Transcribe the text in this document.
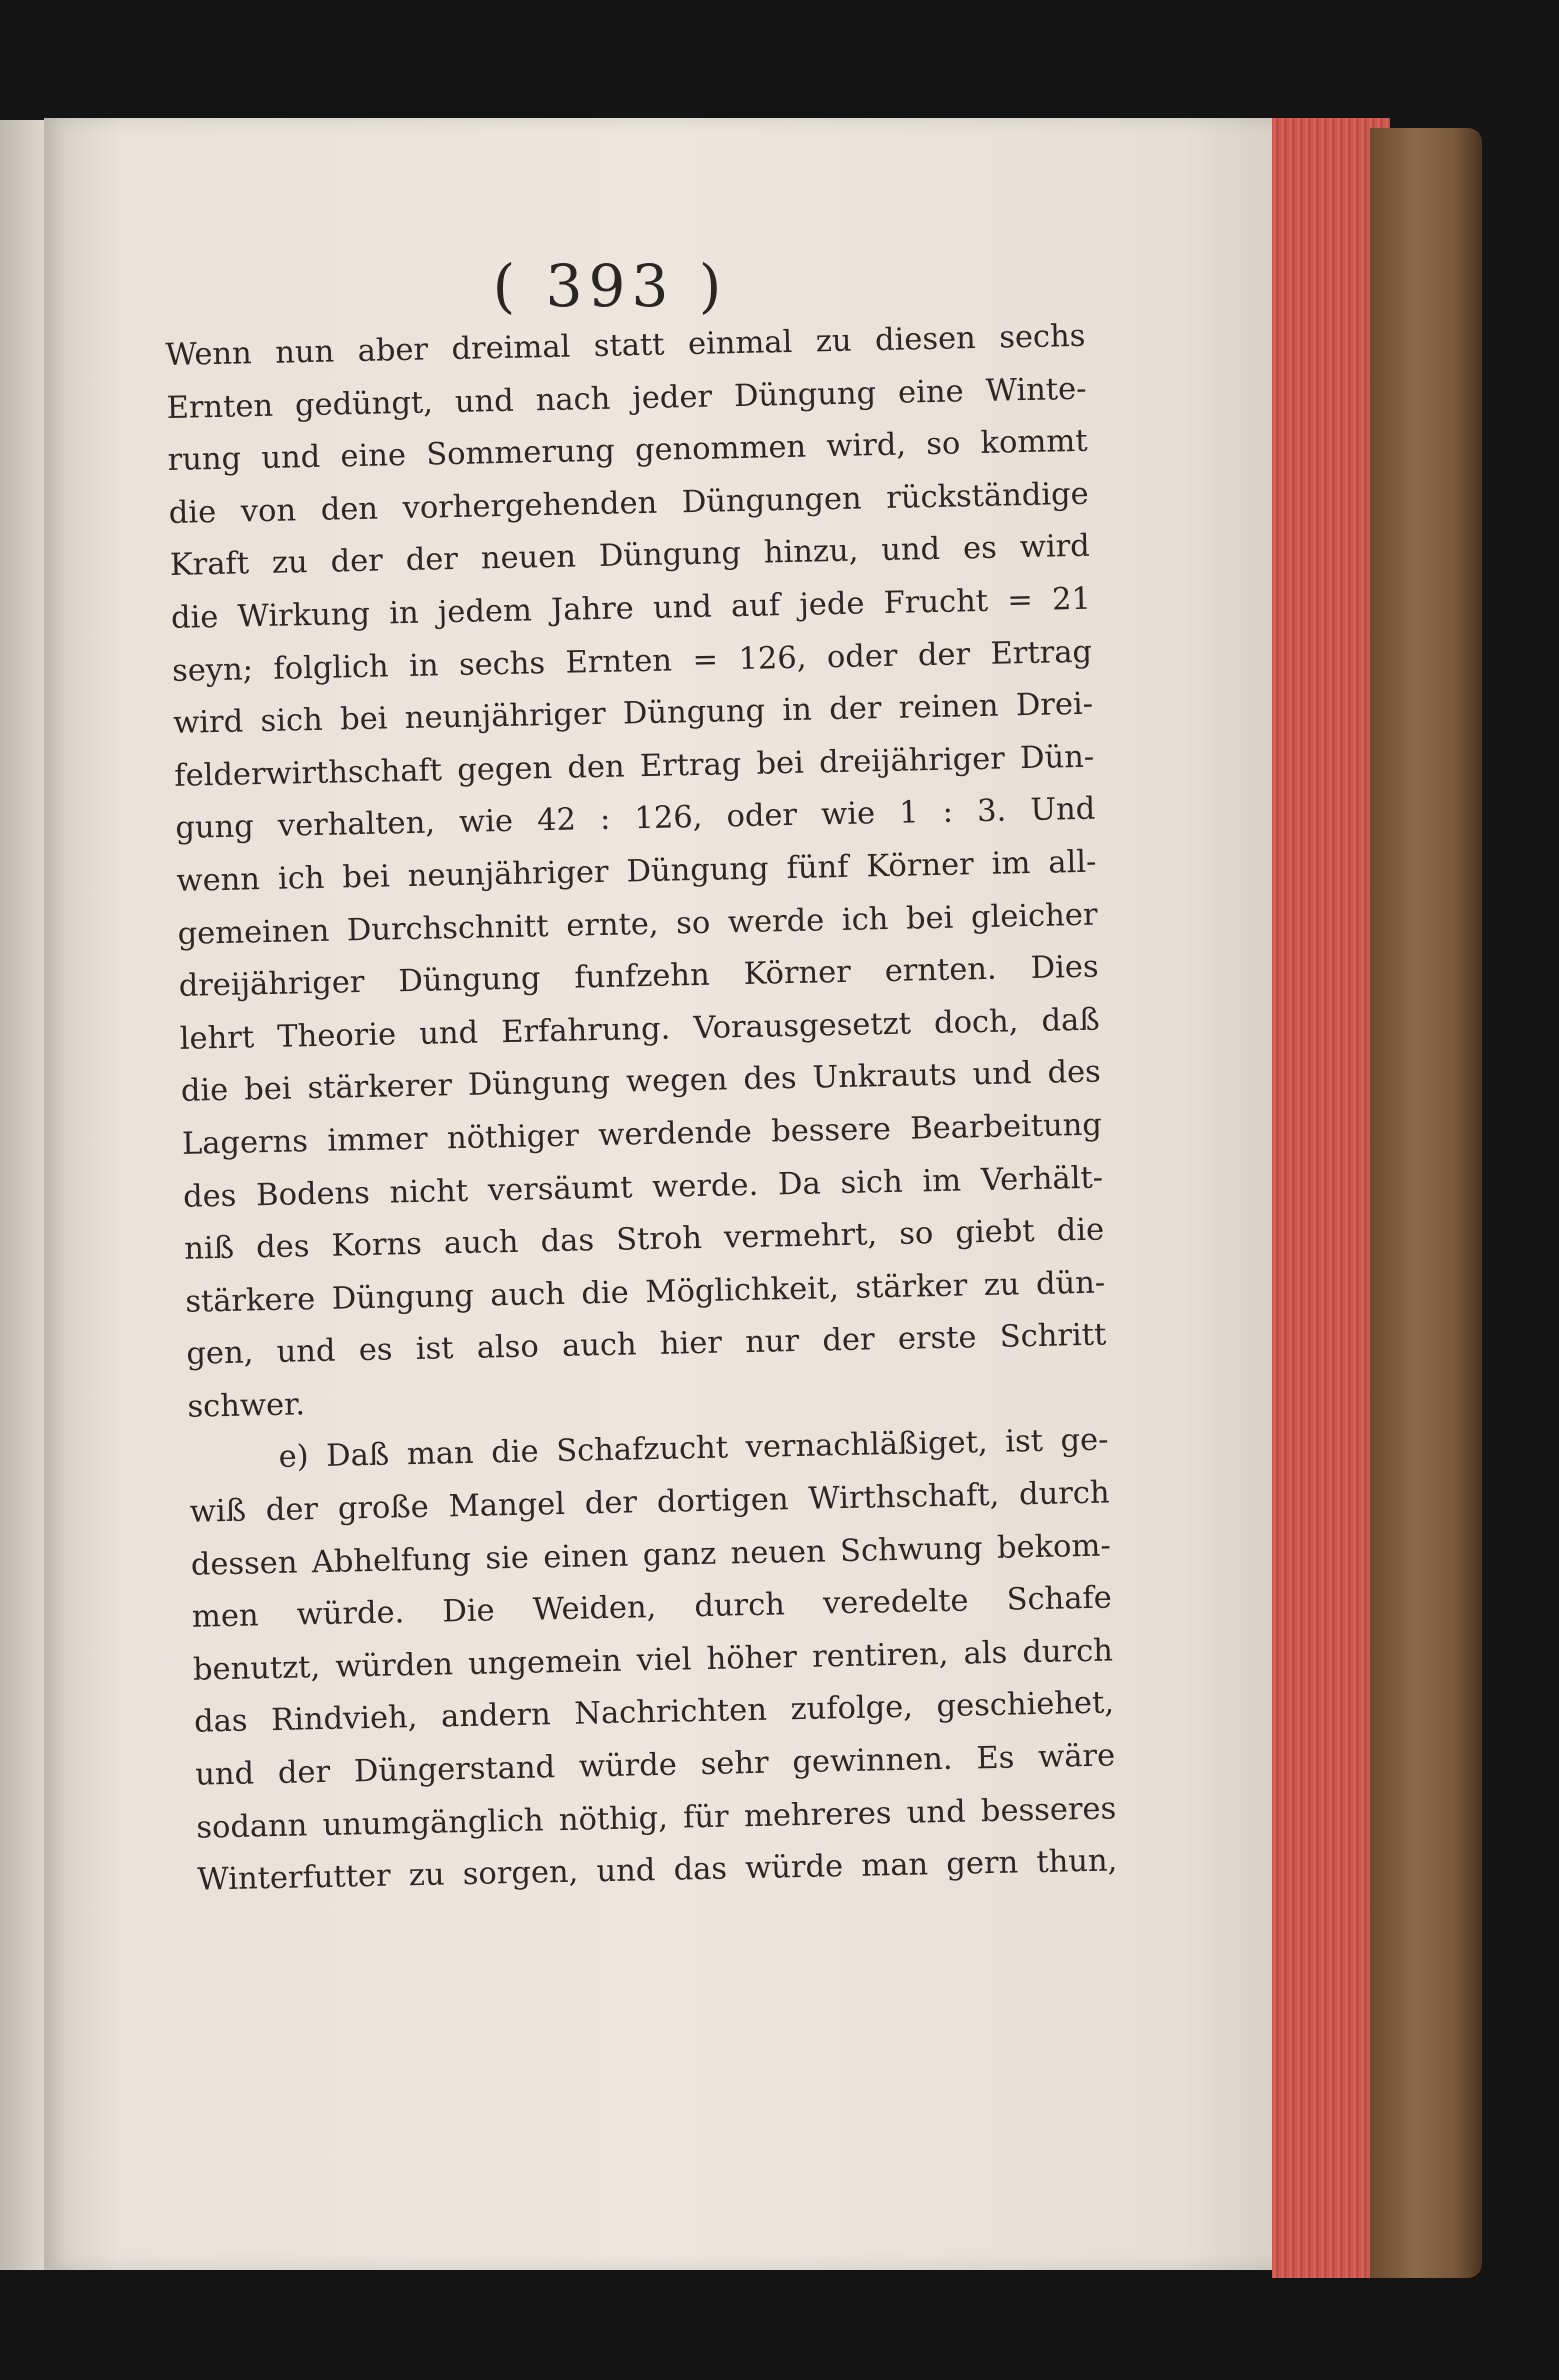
( 393 )
Wenn nun aber dreimal statt einmal zu diesen sechs
Ernten gedüngt, und nach jeder Düngung eine Winte-
rung und eine Sommerung genommen wird, so kommt
die von den vorhergehenden Düngungen rückständige
Kraft zu der der neuen Düngung hinzu, und es wird
die Wirkung in jedem Jahre und auf jede Frucht = 21
seyn; folglich in sechs Ernten = 126, oder der Ertrag
wird sich bei neunjähriger Düngung in der reinen Drei-
felderwirthschaft gegen den Ertrag bei dreijähriger Dün-
gung verhalten, wie 42 : 126, oder wie 1 : 3. Und
wenn ich bei neunjähriger Düngung fünf Körner im all-
gemeinen Durchschnitt ernte, so werde ich bei gleicher
dreijähriger Düngung funfzehn Körner ernten. Dies
lehrt Theorie und Erfahrung. Vorausgesetzt doch, daß
die bei stärkerer Düngung wegen des Unkrauts und des
Lagerns immer nöthiger werdende bessere Bearbeitung
des Bodens nicht versäumt werde. Da sich im Verhält-
niß des Korns auch das Stroh vermehrt, so giebt die
stärkere Düngung auch die Möglichkeit, stärker zu dün-
gen, und es ist also auch hier nur der erste Schritt
schwer.
e) Daß man die Schafzucht vernachläßiget, ist ge-
wiß der große Mangel der dortigen Wirthschaft, durch
dessen Abhelfung sie einen ganz neuen Schwung bekom-
men würde. Die Weiden, durch veredelte Schafe
benutzt, würden ungemein viel höher rentiren, als durch
das Rindvieh, andern Nachrichten zufolge, geschiehet,
und der Düngerstand würde sehr gewinnen. Es wäre
sodann unumgänglich nöthig, für mehreres und besseres
Winterfutter zu sorgen, und das würde man gern thun,
